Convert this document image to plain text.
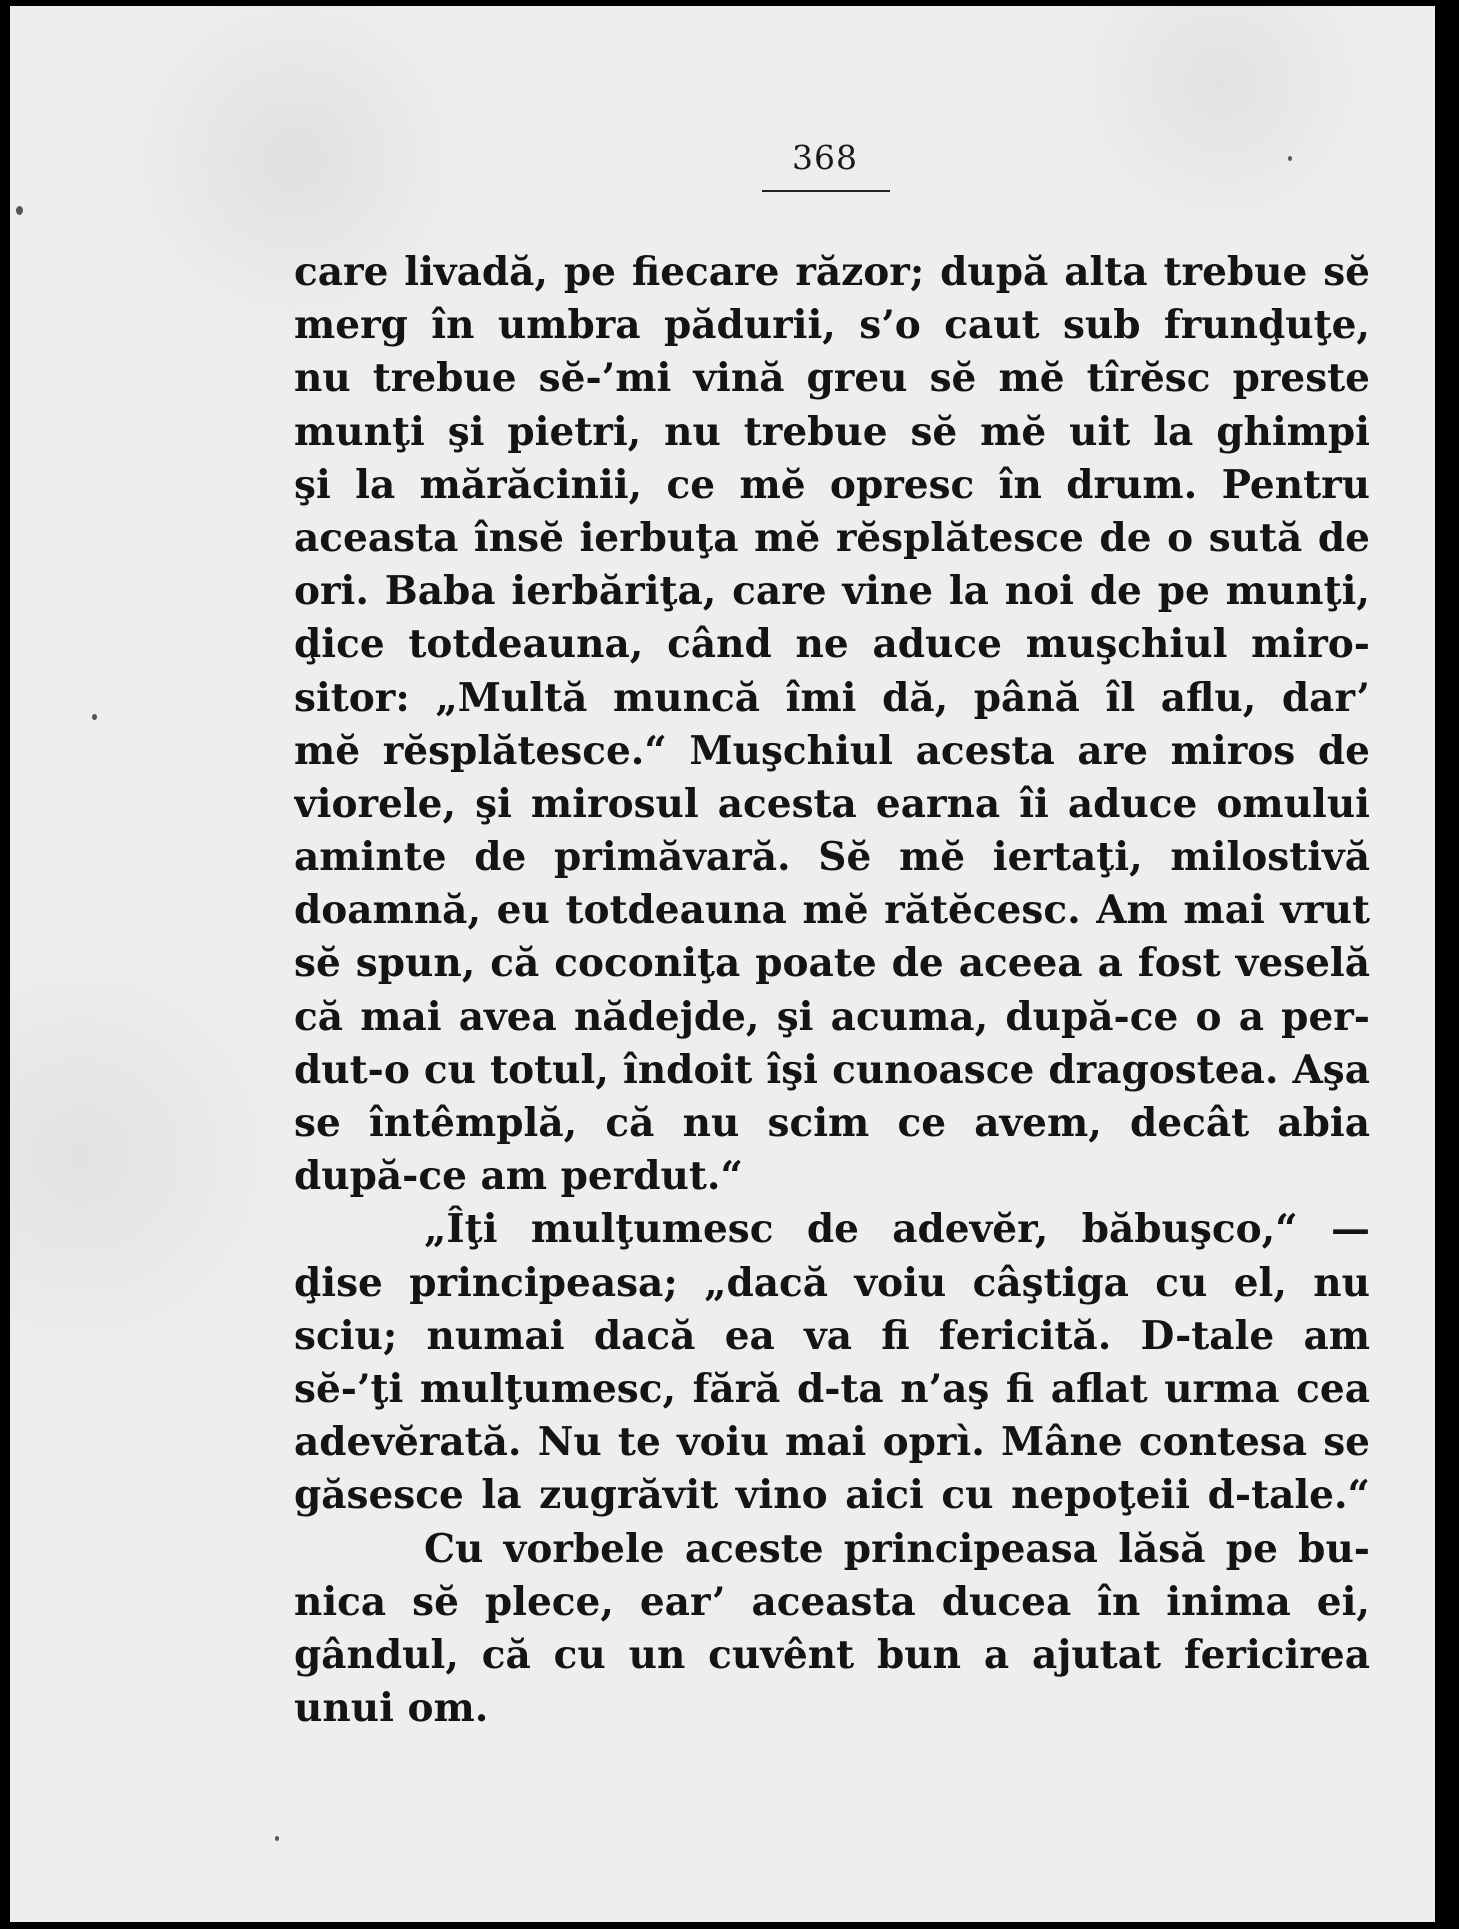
368
care livadă, pe fiecare răzor; după alta trebue sĕ
merg în umbra pădurii, s’o caut sub frunḑuţe,
nu trebue sĕ-’mi vină greu sĕ mĕ tîrĕsc preste
munţi şi pietri, nu trebue sĕ mĕ uit la ghimpi
şi la mărăcinii, ce mĕ opresc în drum. Pentru
aceasta însĕ ierbuţa mĕ rĕsplătesce de o sută de
ori. Baba ierbăriţa, care vine la noi de pe munţi,
ḑice totdeauna, când ne aduce muşchiul miro-
sitor: „Multă muncă îmi dă, până îl aflu, dar’
mĕ rĕsplătesce.“ Muşchiul acesta are miros de
viorele, şi mirosul acesta earna îi aduce omului
aminte de primăvară. Sĕ mĕ iertaţi, milostivă
doamnă, eu totdeauna mĕ rătĕcesc. Am mai vrut
sĕ spun, că coconiţa poate de aceea a fost veselă
că mai avea nădejde, şi acuma, după-ce o a per-
dut-o cu totul, îndoit îşi cunoasce dragostea. Aşa
se întêmplă, că nu scim ce avem, decât abia
după-ce am perdut.“
„Îţi mulţumesc de adevĕr, băbuşco,“ —
ḑise principeasa; „dacă voiu câştiga cu el, nu
sciu; numai dacă ea va fi fericită. D-tale am
sĕ-’ţi mulţumesc, fără d-ta n’aş fi aflat urma cea
adevĕrată. Nu te voiu mai oprì. Mâne contesa se
găsesce la zugrăvit vino aici cu nepoţeii d-tale.“
Cu vorbele aceste principeasa lăsă pe bu-
nica sĕ plece, ear’ aceasta ducea în inima ei,
gândul, că cu un cuvênt bun a ajutat fericirea
unui om.
